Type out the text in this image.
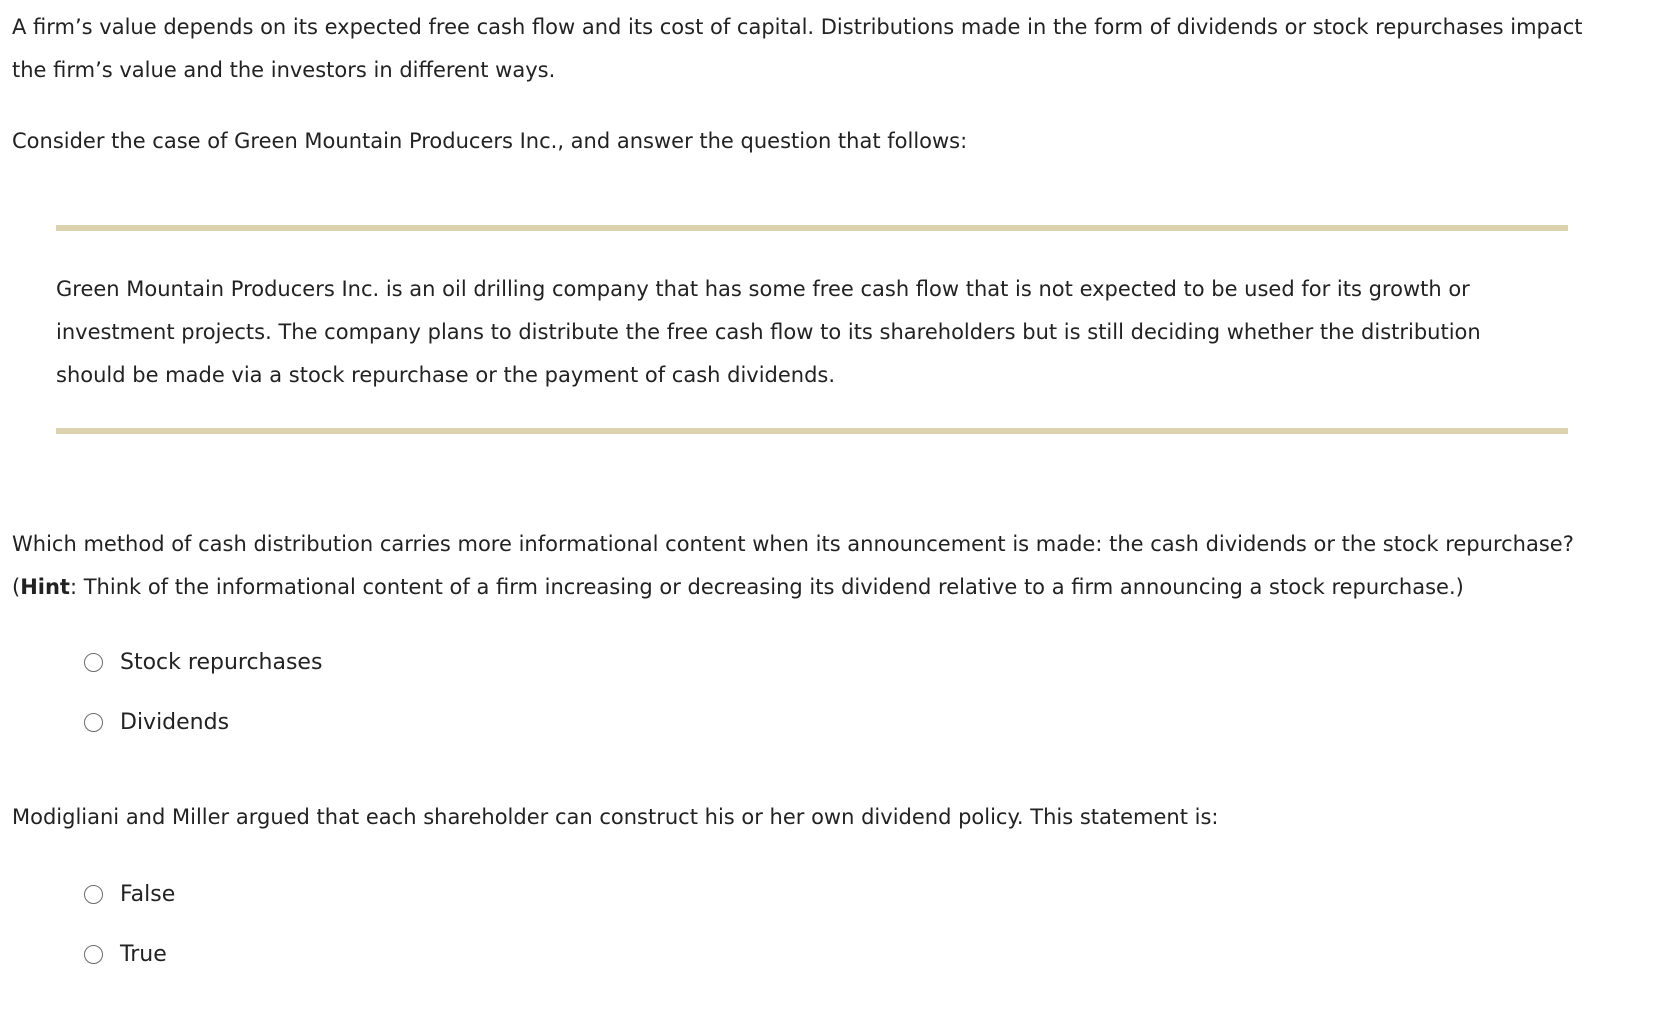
A firm’s value depends on its expected free cash flow and its cost of capital. Distributions made in the form of dividends or stock repurchases impact
the firm’s value and the investors in different ways.

Consider the case of Green Mountain Producers Inc., and answer the question that follows:

Green Mountain Producers Inc. is an oil drilling company that has some free cash flow that is not expected to be used for its growth or
investment projects. The company plans to distribute the free cash flow to its shareholders but is still deciding whether the distribution
should be made via a stock repurchase or the payment of cash dividends.

Which method of cash distribution carries more informational content when its announcement is made: the cash dividends or the stock repurchase?
(Hint: Think of the informational content of a firm increasing or decreasing its dividend relative to a firm announcing a stock repurchase.)

Stock repurchases
Dividends

Modigliani and Miller argued that each shareholder can construct his or her own dividend policy. This statement is:

False
True
